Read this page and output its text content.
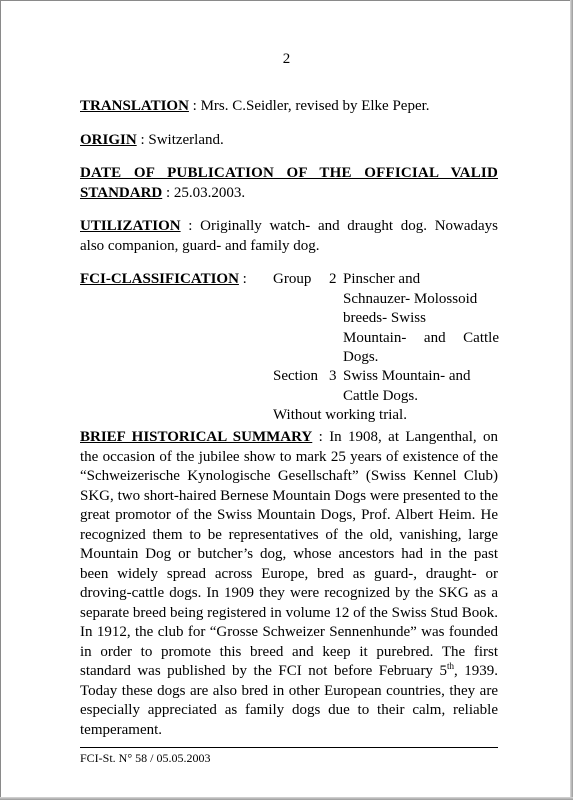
2

TRANSLATION : Mrs. C.Seidler, revised by Elke Peper.

ORIGIN : Switzerland.

DATE OF PUBLICATION OF THE OFFICIAL VALID
STANDARD : 25.03.2003.

UTILIZATION : Originally watch- and draught dog. Nowadays also companion, guard- and family dog.

FCI-CLASSIFICATION : Group 2 Pinscher and
Schnauzer- Molossoid
breeds- Swiss
Mountain- and Cattle
Dogs.
Section 3 Swiss Mountain- and
Cattle Dogs.
Without working trial.

BRIEF HISTORICAL SUMMARY : In 1908, at Langenthal, on
the occasion of the jubilee show to mark 25 years of existence of the
“Schweizerische Kynologische Gesellschaft” (Swiss Kennel Club)
SKG, two short-haired Bernese Mountain Dogs were presented to the
great promotor of the Swiss Mountain Dogs, Prof. Albert Heim. He
recognized them to be representatives of the old, vanishing, large
Mountain Dog or butcher’s dog, whose ancestors had in the past
been widely spread across Europe, bred as guard-, draught- or
droving-cattle dogs. In 1909 they were recognized by the SKG as a
separate breed being registered in volume 12 of the Swiss Stud Book.
In 1912, the club for “Grosse Schweizer Sennenhunde” was founded
in order to promote this breed and keep it purebred. The first
standard was published by the FCI not before February 5th, 1939.
Today these dogs are also bred in other European countries, they are
especially appreciated as family dogs due to their calm, reliable
temperament.

FCI-St. N° 58 / 05.05.2003
